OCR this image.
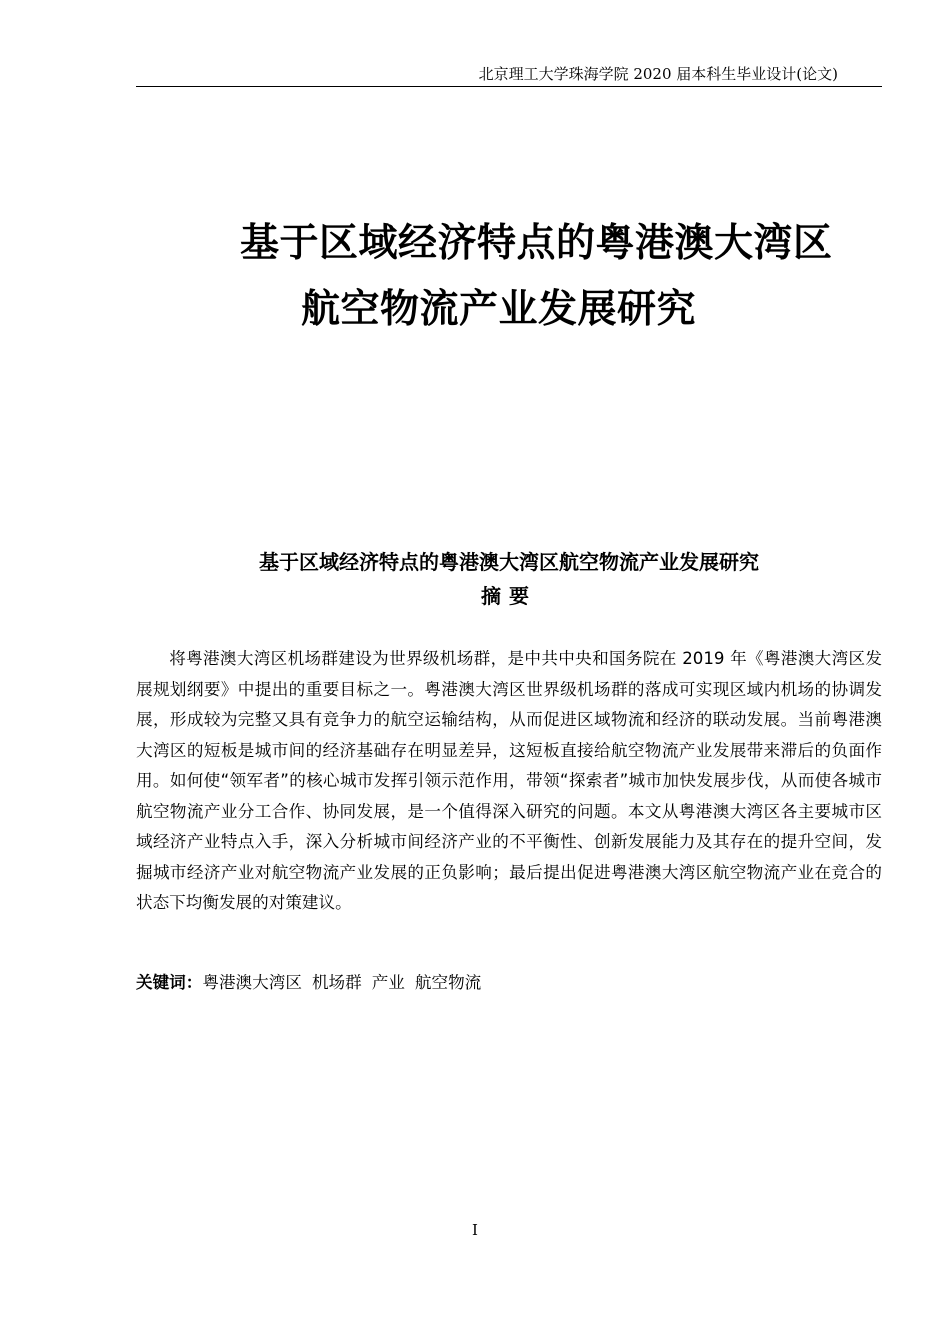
北京理工大学珠海学院 2020 届本科生毕业设计(论文)
基于区域经济特点的粤港澳大湾区
航空物流产业发展研究
基于区域经济特点的粤港澳大湾区航空物流产业发展研究
摘要

将粤港澳大湾区机场群建设为世界级机场群，是中共中央和国务院在 2019 年《粤港澳大湾区发展规划纲要》中提出的重要目标之一。粤港澳大湾区世界级机场群的落成可实现区域内机场的协调发展，形成较为完整又具有竞争力的航空运输结构，从而促进区域物流和经济的联动发展。当前粤港澳大湾区的短板是城市间的经济基础存在明显差异，这短板直接给航空物流产业发展带来滞后的负面作用。如何使“领军者”的核心城市发挥引领示范作用，带领“探索者”城市加快发展步伐，从而使各城市航空物流产业分工合作、协同发展，是一个值得深入研究的问题。本文从粤港澳大湾区各主要城市区域经济产业特点入手，深入分析城市间经济产业的不平衡性、创新发展能力及其存在的提升空间，发掘城市经济产业对航空物流产业发展的正负影响；最后提出促进粤港澳大湾区航空物流产业在竞合的状态下均衡发展的对策建议。

关键词：粤港澳大湾区 机场群 产业 航空物流
I
